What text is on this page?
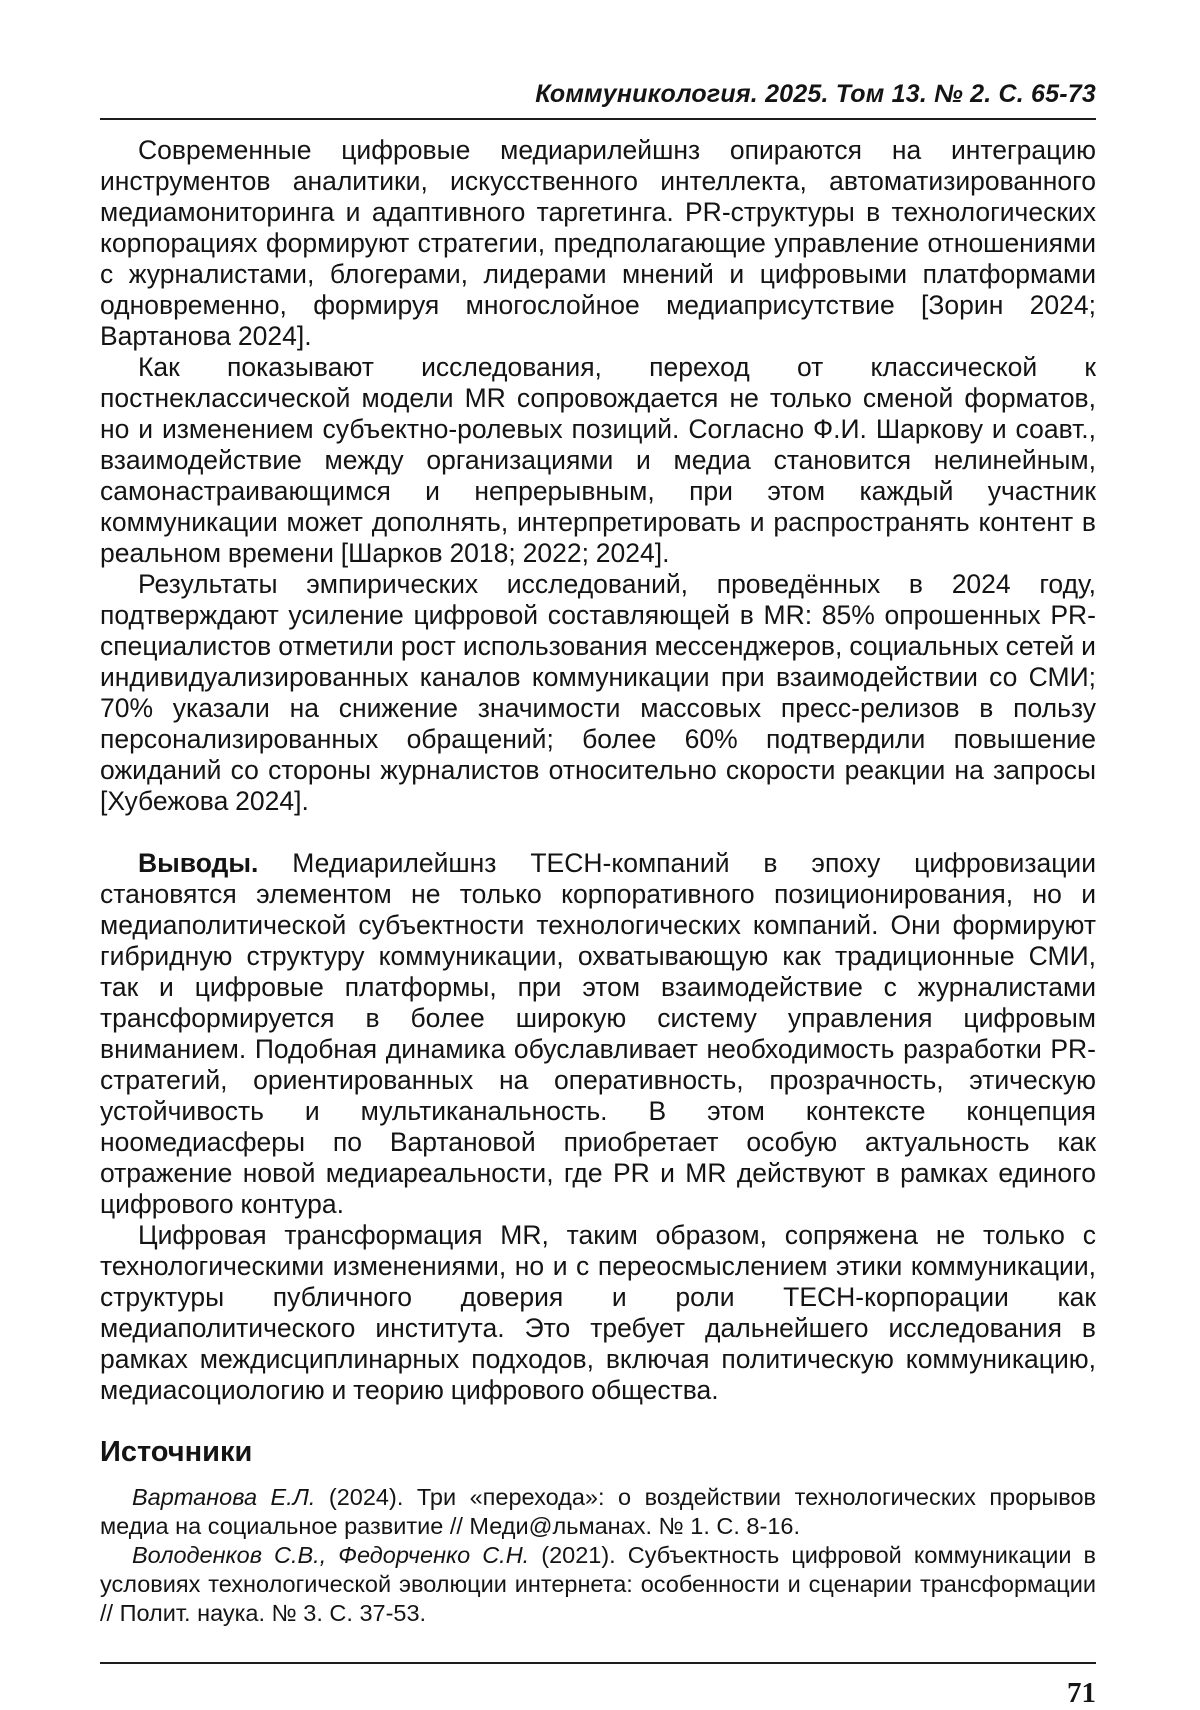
Коммуникология. 2025. Том 13. № 2. С. 65-73

Современные цифровые медиарилейшнз опираются на интеграцию инструментов аналитики, искусственного интеллекта, автоматизированного медиамониторинга и адаптивного таргетинга. PR-структуры в технологических корпорациях формируют стратегии, предполагающие управление отношениями с журналистами, блогерами, лидерами мнений и цифровыми платформами одновременно, формируя многослойное медиаприсутствие [Зорин 2024; Вартанова 2024].

Как показывают исследования, переход от классической к постнеклассической модели MR сопровождается не только сменой форматов, но и изменением субъектно-ролевых позиций. Согласно Ф.И. Шаркову и соавт., взаимодействие между организациями и медиа становится нелинейным, самонастраивающимся и непрерывным, при этом каждый участник коммуникации может дополнять, интерпретировать и распространять контент в реальном времени [Шарков 2018; 2022; 2024].

Результаты эмпирических исследований, проведённых в 2024 году, подтверждают усиление цифровой составляющей в MR: 85% опрошенных PR-специалистов отметили рост использования мессенджеров, социальных сетей и индивидуализированных каналов коммуникации при взаимодействии со СМИ; 70% указали на снижение значимости массовых пресс-релизов в пользу персонализированных обращений; более 60% подтвердили повышение ожиданий со стороны журналистов относительно скорости реакции на запросы [Хубежова 2024].

Выводы. Медиарилейшнз TECH-компаний в эпоху цифровизации становятся элементом не только корпоративного позиционирования, но и медиаполитической субъектности технологических компаний. Они формируют гибридную структуру коммуникации, охватывающую как традиционные СМИ, так и цифровые платформы, при этом взаимодействие с журналистами трансформируется в более широкую систему управления цифровым вниманием. Подобная динамика обуславливает необходимость разработки PR-стратегий, ориентированных на оперативность, прозрачность, этическую устойчивость и мультиканальность. В этом контексте концепция ноомедиасферы по Вартановой приобретает особую актуальность как отражение новой медиареальности, где PR и MR действуют в рамках единого цифрового контура.

Цифровая трансформация MR, таким образом, сопряжена не только с технологическими изменениями, но и с переосмыслением этики коммуникации, структуры публичного доверия и роли TECH-корпорации как медиаполитического института. Это требует дальнейшего исследования в рамках междисциплинарных подходов, включая политическую коммуникацию, медиасоциологию и теорию цифрового общества.

Источники

Вартанова Е.Л. (2024). Три «перехода»: о воздействии технологических прорывов медиа на социальное развитие // Меди@льманах. № 1. С. 8-16.

Володенков С.В., Федорченко С.Н. (2021). Субъектность цифровой коммуникации в условиях технологической эволюции интернета: особенности и сценарии трансформации // Полит. наука. № 3. С. 37-53.

71
